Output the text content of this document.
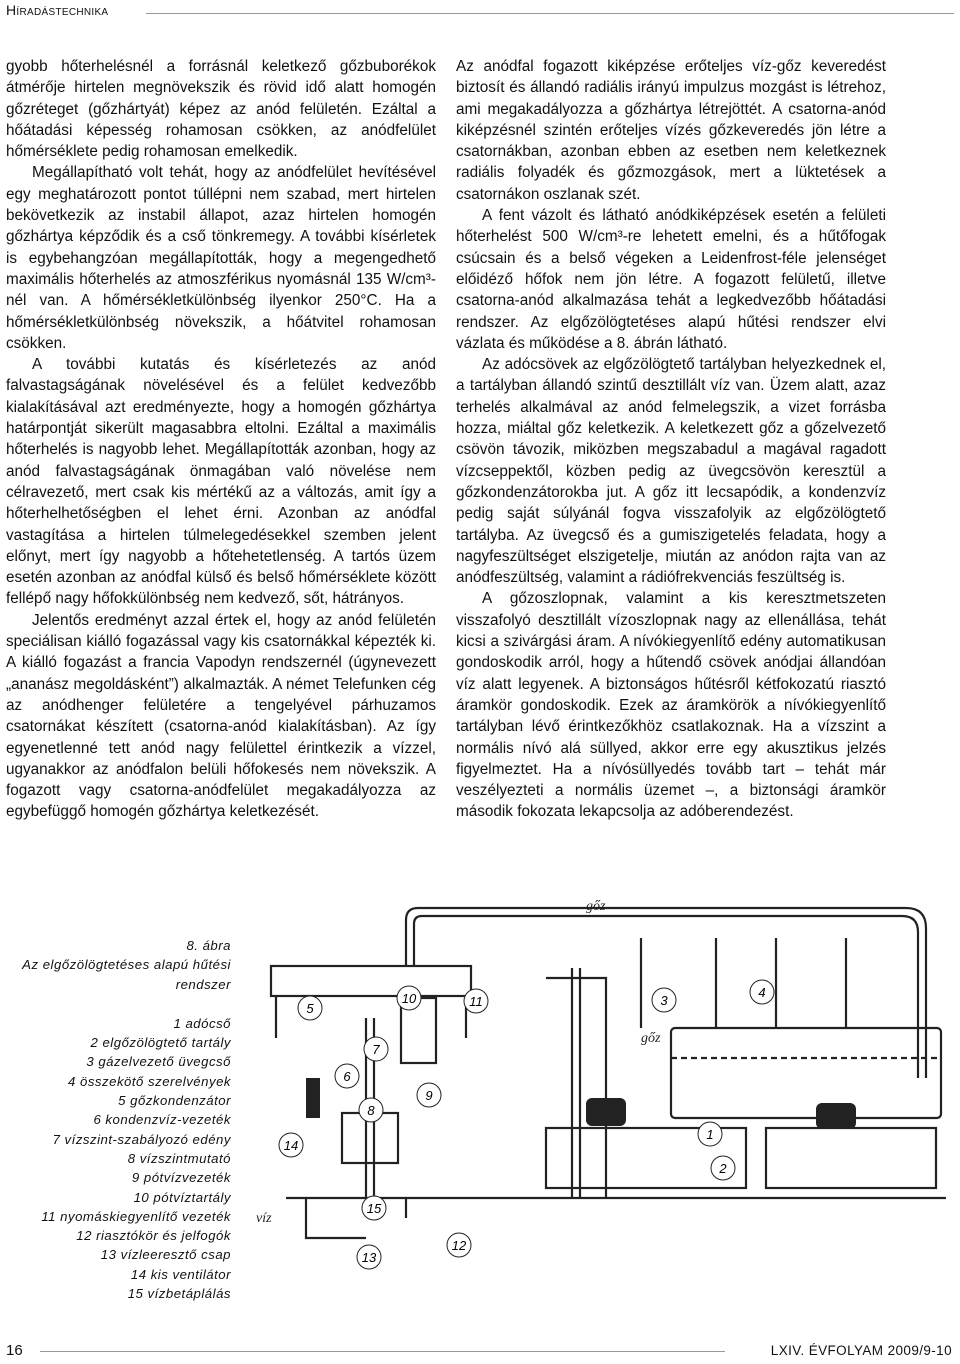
Híradástechnika

gyobb hőterhelésnél a forrásnál keletkező gőzbuborékok átmérője hirtelen megnövekszik és rövid idő alatt homogén gőzréteget (gőzhártyát) képez az anód felületén. Ezáltal a hőátadási képesség rohamosan csökken, az anódfelület hőmérséklete pedig rohamosan emelkedik.

Megállapítható volt tehát, hogy az anódfelület hevítésével egy meghatározott pontot túllépni nem szabad, mert hirtelen bekövetkezik az instabil állapot, azaz hirtelen homogén gőzhártya képződik és a cső tönkremegy. A további kísérletek is egybehangzóan megállapították, hogy a megengedhető maximális hőterhelés az atmoszférikus nyomásnál 135 W/cm³-nél van. A hőmérsékletkülönbség ilyenkor 250°C. Ha a hőmérsékletkülönbség növekszik, a hőátvitel rohamosan csökken.

A további kutatás és kísérletezés az anód falvastagságának növelésével és a felület kedvezőbb kialakításával azt eredményezte, hogy a homogén gőzhártya határpontját sikerült magasabbra eltolni. Ezáltal a maximális hőterhelés is nagyobb lehet. Megállapították azonban, hogy az anód falvastagságának önmagában való növelése nem célravezető, mert csak kis mértékű az a változás, amit így a hőterhelhetőségben el lehet érni. Azonban az anódfal vastagítása a hirtelen túlmelegedésekkel szemben jelent előnyt, mert így nagyobb a hőtehetetlenség. A tartós üzem esetén azonban az anódfal külső és belső hőmérséklete között fellépő nagy hőfokkülönbség nem kedvező, sőt, hátrányos.

Jelentős eredményt azzal értek el, hogy az anód felületén speciálisan kiálló fogazással vagy kis csatornákkal képezték ki. A kiálló fogazást a francia Vapodyn rendszernél (úgynevezett „ananász megoldásként”) alkalmazták. A német Telefunken cég az anódhenger felületére a tengelyével párhuzamos csatornákat készített (csatorna-anód kialakításban). Az így egyenetlenné tett anód nagy felülettel érintkezik a vízzel, ugyanakkor az anódfalon belüli hőfokesés nem növekszik. A fogazott vagy csatorna-anódfelület megakadályozza az egybefüggő homogén gőzhártya keletkezését.

Az anódfal fogazott kiképzése erőteljes víz-gőz keveredést biztosít és állandó radiális irányú impulzus mozgást is létrehoz, ami megakadályozza a gőzhártya létrejöttét. A csatorna-anód kiképzésnél szintén erőteljes vízés gőzkeveredés jön létre a csatornákban, azonban ebben az esetben nem keletkeznek radiális folyadék és gőzmozgások, mert a lüktetések a csatornákon oszlanak szét.

A fent vázolt és látható anódkiképzések esetén a felületi hőterhelést 500 W/cm³-re lehetett emelni, és a hűtőfogak csúcsain és a belső végeken a Leidenfrost-féle jelenséget előidéző hőfok nem jön létre. A fogazott felületű, illetve csatorna-anód alkalmazása tehát a legkedvezőbb hőátadási rendszer. Az elgőzölögtetéses alapú hűtési rendszer elvi vázlata és működése a 8. ábrán látható.

Az adócsövek az elgőzölögtető tartályban helyezkednek el, a tartályban állandó szintű desztillált víz van. Üzem alatt, azaz terhelés alkalmával az anód felmelegszik, a vizet forrásba hozza, miáltal gőz keletkezik. A keletkezett gőz a gőzelvezető csövön távozik, miközben megszabadul a magával ragadott vízcseppektől, közben pedig az üvegcsövön keresztül a gőzkondenzátorokba jut. A gőz itt lecsapódik, a kondenzvíz pedig saját súlyánál fogva visszafolyik az elgőzölögtető tartályba. Az üvegcső és a gumiszigetelés feladata, hogy a nagyfeszültséget elszigetelje, miután az anódon rajta van az anódfeszültség, valamint a rádiófrekvenciás feszültség is.

A gőzoszlopnak, valamint a kis keresztmetszeten visszafolyó desztillált vízoszlopnak nagy az ellenállása, tehát kicsi a szivárgási áram. A nívókiegyenlítő edény automatikusan gondoskodik arról, hogy a hűtendő csövek anódjai állandóan víz alatt legyenek. A biztonságos hűtésről kétfokozatú riasztó áramkör gondoskodik. Ezek az áramkörök a nívókiegyenlítő tartályban lévő érintkezőkhöz csatlakoznak. Ha a vízszint a normális nívó alá süllyed, akkor erre egy akusztikus jelzés figyelmeztet. Ha a nívósüllyedés tovább tart – tehát már veszélyezteti a normális üzemet –, a biztonsági áramkör második fokozata lekapcsolja az adóberendezést.

8. ábra
Az elgőzölögtetéses alapú hűtési rendszer
1 adócső
2 elgőzölögtető tartály
3 gázelvezető üvegcső
4 összekötő szerelvények
5 gőzkondenzátor
6 kondenzvíz-vezeték
7 vízszint-szabályozó edény
8 vízszintmutató
9 pótvízvezeték
10 pótvíztartály
11 nyomáskiegyenlítő vezeték
12 riasztókör és jelfogók
13 vízleeresztő csap
14 kis ventilátor
15 vízbetáplálás
gőz
gőz
víz
1
2
3
4
5
6
7
8
9
10	11
12
13
14
15
16	LXIV. ÉVFOLYAM 2009/9-10
